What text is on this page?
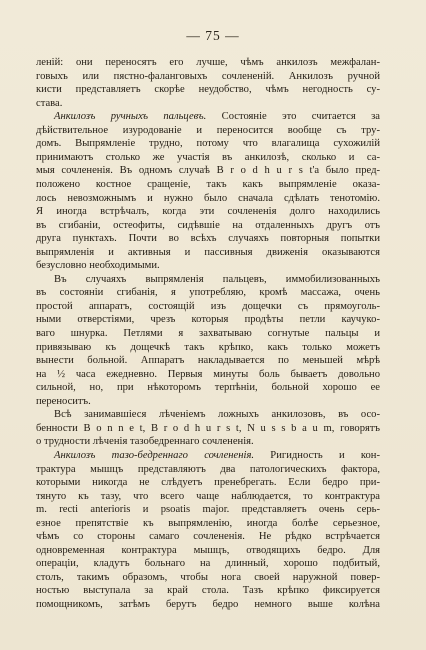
— 75 —
леній: они переносятъ его лучше, чѣмъ анкилозъ межфалан-
говыхъ или пястно-фаланговыхъ сочлененій. Анкилозъ ручной
кисти представляетъ скорѣе неудобство, чѣмъ негодность су-
става.
Анкилозъ ручныхъ пальцевъ. Состояніе это считается за
дѣйствительное изуродованіе и переносится вообще съ тру-
домъ. Выпрямленіе трудно, потому что влагалища сухожилій
принимаютъ столько же участія въ анкилозѣ, сколько и са-
мыя сочлененія. Въ одномъ случаѣ B r o d h u r s t'а было пред-
положено костное сращеніе, такъ какъ выпрямленіе оказа-
лось невозможнымъ и нужно было сначала сдѣлать тенотомію.
Я иногда встрѣчалъ, когда эти сочлененія долго находились
въ сгибаніи, остеофиты, сидѣвшіе на отдаленныхъ другъ отъ
друга пунктахъ. Почти во всѣхъ случаяхъ повторныя попытки
выпрямленія и активныя и пассивныя движенія оказываются
безусловно необходимыми.
Въ случаяхъ выпрямленія пальцевъ, иммобилизованныхъ
въ состояніи сгибанія, я употребляю, кромѣ массажа, очень
простой аппаратъ, состоящій изъ дощечки съ прямоуголь-
ными отверстіями, чрезъ которыя продѣты петли каучуко-
ваго шнурка. Петлями я захватываю согнутые пальцы и
привязываю къ дощечкѣ такъ крѣпко, какъ только можетъ
вынести больной. Аппаратъ накладывается по меньшей мѣрѣ
на ½ часа ежедневно. Первыя минуты боль бываетъ довольно
сильной, но, при нѣкоторомъ терпѣніи, больной хорошо ее
переноситъ.
Всѣ занимавшіеся лѣченіемъ ложныхъ анкилозовъ, въ осо-
бенности B o n n e t, B r o d h u r s t, N u s s b a u m, говорятъ
о трудности лѣченія тазобедреннаго сочлененія.
Анкилозъ тазо-бедреннаго сочлененія. Ригидность и кон-
трактура мышцъ представляютъ два патологическихъ фактора,
которыми никогда не слѣдуетъ пренебрегать. Если бедро при-
тянуто къ тазу, что всего чаще наблюдается, то контрактура
m. recti anterioris и psoatis major. представляетъ очень серь-
езное препятствіе къ выпрямленію, иногда болѣе серьезное,
чѣмъ со стороны самаго сочлененія. Не рѣдко встрѣчается
одновременная контрактура мышцъ, отводящихъ бедро. Для
операціи, кладутъ больнаго на длинный, хорошо подбитый,
столъ, такимъ образомъ, чтобы нога своей наружной повер-
ностью выступала за край стола. Тазъ крѣпко фиксируется
помощникомъ, затѣмъ берутъ бедро немного выше колѣна
